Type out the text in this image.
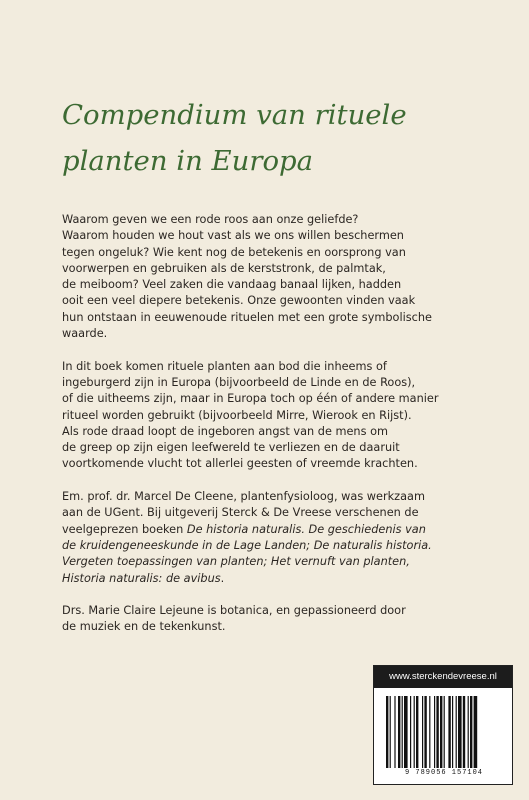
Compendium van rituele
planten in Europa

Waarom geven we een rode roos aan onze geliefde?
Waarom houden we hout vast als we ons willen beschermen
tegen ongeluk? Wie kent nog de betekenis en oorsprong van
voorwerpen en gebruiken als de kerststronk, de palmtak,
de meiboom? Veel zaken die vandaag banaal lijken, hadden
ooit een veel diepere betekenis. Onze gewoonten vinden vaak
hun ontstaan in eeuwenoude rituelen met een grote symbolische
waarde.

In dit boek komen rituele planten aan bod die inheems of
ingeburgerd zijn in Europa (bijvoorbeeld de Linde en de Roos),
of die uitheems zijn, maar in Europa toch op één of andere manier
ritueel worden gebruikt (bijvoorbeeld Mirre, Wierook en Rijst).
Als rode draad loopt de ingeboren angst van de mens om
de greep op zijn eigen leefwereld te verliezen en de daaruit
voortkomende vlucht tot allerlei geesten of vreemde krachten.

Em. prof. dr. Marcel De Cleene, plantenfysioloog, was werkzaam
aan de UGent. Bij uitgeverij Sterck & De Vreese verschenen de
veelgeprezen boeken De historia naturalis. De geschiedenis van
de kruidengeneeskunde in de Lage Landen; De naturalis historia.
Vergeten toepassingen van planten; Het vernuft van planten,
Historia naturalis: de avibus.

Drs. Marie Claire Lejeune is botanica, en gepassioneerd door
de muziek en de tekenkunst.

www.sterckendevreese.nl
9 789056 157104
